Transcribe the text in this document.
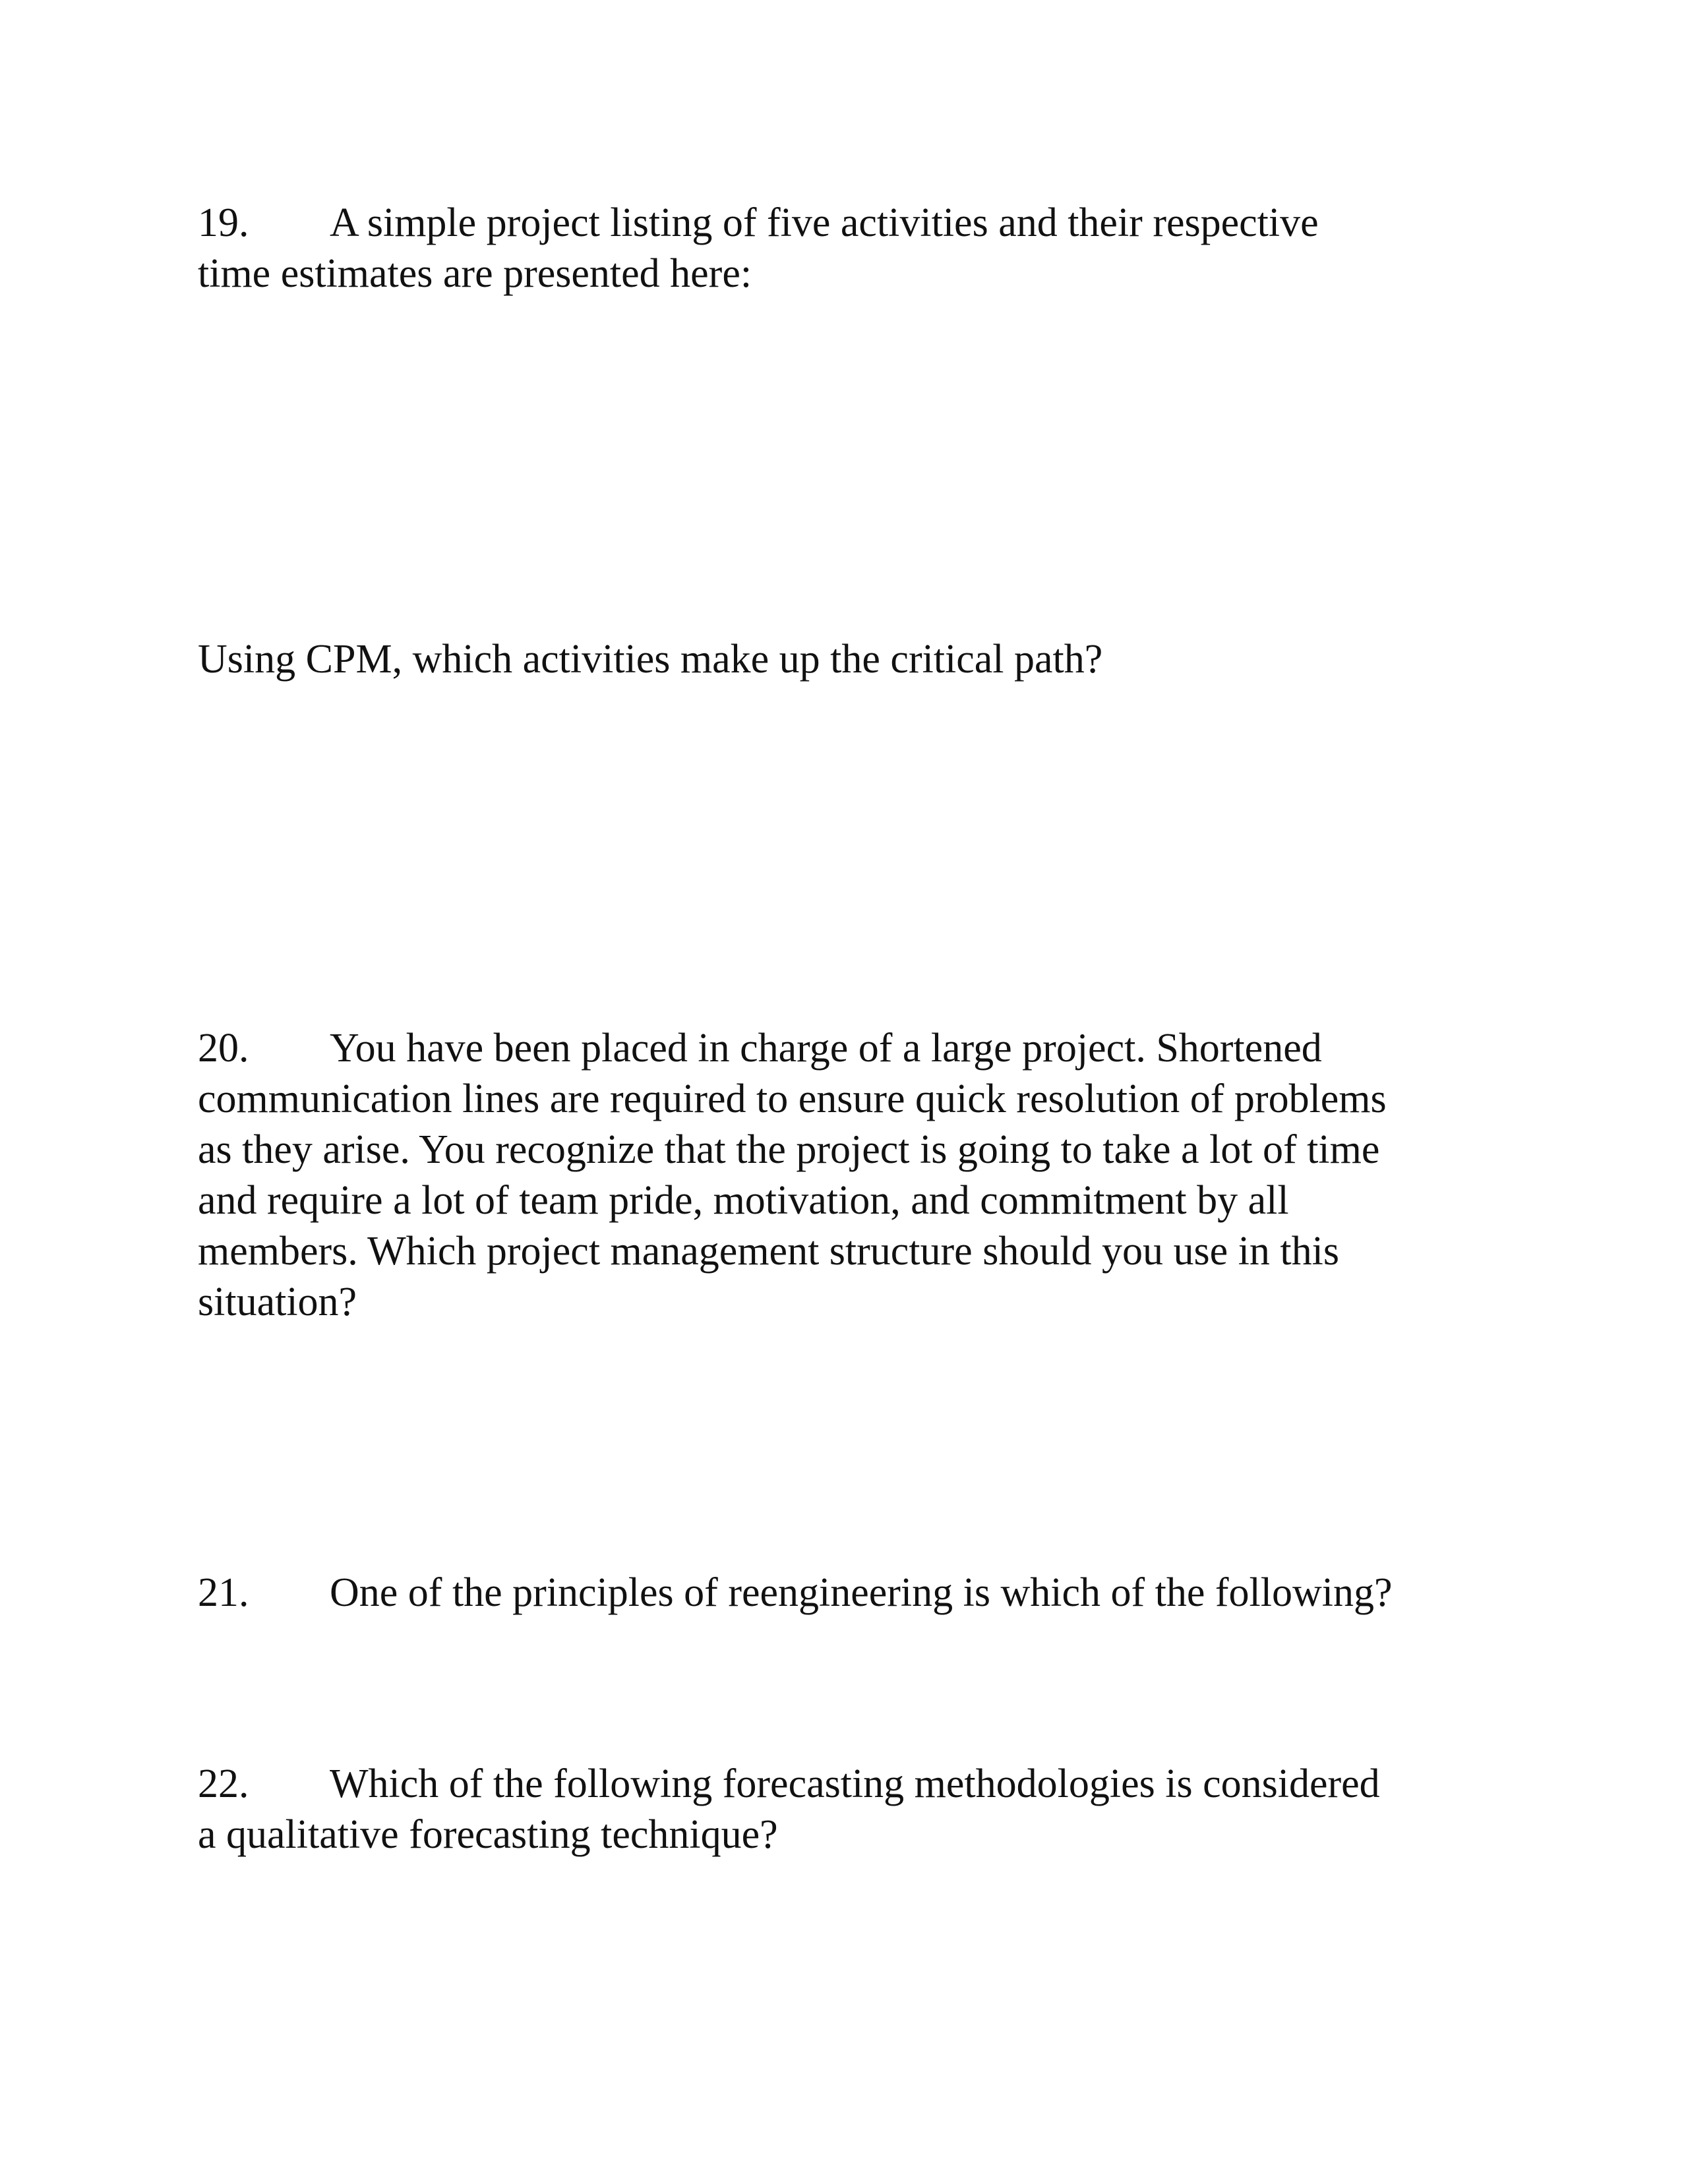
19. A simple project listing of five activities and their respective
time estimates are presented here:
Using CPM, which activities make up the critical path?
20. You have been placed in charge of a large project. Shortened
communication lines are required to ensure quick resolution of problems
as they arise. You recognize that the project is going to take a lot of time
and require a lot of team pride, motivation, and commitment by all
members. Which project management structure should you use in this
situation?
21. One of the principles of reengineering is which of the following?
22. Which of the following forecasting methodologies is considered
a qualitative forecasting technique?
